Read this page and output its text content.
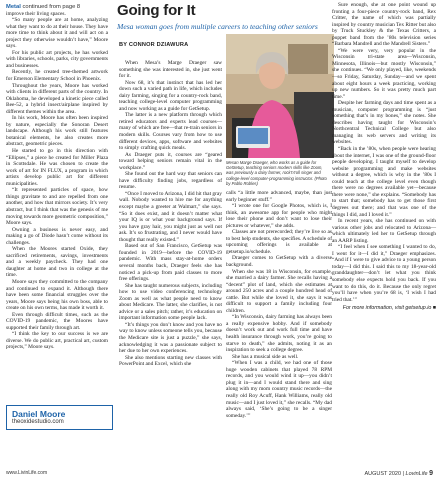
Metal continued from page 8

improve their living spaces.

“So many people are at home, analyzing what they want to do at their house. They have more time to think about it and will act on a project they otherwise wouldn’t have,” Moore says.

For his public art projects, he has worked with libraries, schools, parks, city governments and businesses.

Recently, he created tree-themed artwork for Emerson Elementary School in Phoenix.

Throughout the years, Moore has worked with clients in different parts of the country. In Oklahoma, he developed a kinetic piece called Bee-52, a hybrid insect/airplane inspired by different themes within the area.

In his work, Moore has often been inspired by nature, especially the Sonoran Desert landscape. Although his work still features botanical elements, he also creates more abstract, geometric pieces.

He started to go in this direction with “Ellipses,” a piece he created for Miller Plaza in Scottsdale. He was chosen to create the work of art for IN FLUX, a program in which artists develop public art for different municipalities.

“It represented particles of space, how things gravitate to and are repelled from one another, and how that mirrors society. It’s very abstract, but I think that was the genesis of me moving towards more geometric composition,” Moore says.

Owning a business is never easy, and making a go of Diode hasn’t come without its challenges.

When the Moores started Oxide, they sacrificed retirements, savings, investments and a weekly paycheck. They had one daughter at home and two in college at the time.

Moore says they committed to the company and continued to expand it. Although there have been some financial struggles over the years, Moore says being his own boss, able to create on his own terms, has made it worth it.

Even through difficult times, such as the COVID-19 pandemic, the Moores have supported their family through art.

“I think the key to our success is we are diverse. We do public art, practical art, custom projects,” Moore says.

Daniel Moore
theoxidestudio.com
Going for It
Mesa woman goes from multiple careers to teaching other seniors
BY CONNOR DZIAWURA

When Mesa’s Marge Draeger saw something she was interested in, she just went for it.

Now 68, it’s that instinct that has led her down such a varied path in life, which includes dairy farming, singing for a country-rock band, teaching college-level computer programming and now working as a guide for GetSetup.

The latter is a new platform through which retired educators and experts lead courses—many of which are free—that re-train seniors in modern skills. Courses vary from how to use different devices, apps, software and websites to simply crafting quick meals.

As Draeger puts it, courses are “geared toward helping seniors remain vital in the workplace.”

She found out the hard way that seniors can have difficulty finding jobs, regardless of resume.

“Once I moved to Arizona, I did hit that gray wall. Nobody wanted to hire me for anything except maybe a greeter at Walmart,” she says. “So it does exist, and it doesn’t matter what your IQ is or what your background says. If you have gray hair, you might just as well not ask. It’s so frustrating, and I never would have thought that really existed.”

Based out of San Francisco, GetSetup was founded in 2019—before the COVID-19 pandemic. With mass stay-at-home orders several months back, Draeger feels she has noticed a pick-up from paid classes to more free offerings.

She has taught numerous subjects, including how to use video conferencing technology Zoom as well as what people need to know about Medicare. The latter, she clarifies, is not advice or a sales pitch; rather, it’s education on important information some people lack.

“It’s things you don’t know and you have no way to know unless someone tells you, because the Medicare site is just a puzzle,” she says, acknowledging it was a passionate subject to her due to her own experiences.

She also mentions starting new classes with PowerPoint and Excel, which she

Mesan Marge Draeger, who works as a guide for GetSetup, teaching seniors modern skills like Zoom, was previously a dairy farmer, rock'n'roll singer and college-level computer-programming instructor. (Photo by Pablo Robles)

calls “a little more advanced, maybe, than just early beginner stuff.”

“I wrote one for Google Photos, which is, I think, an awesome app for people who might lose their phone and don’t want to lose their pictures or whatever,” she adds.

Classes are not prerecorded; they’re live so as to best help students, she specifies. A schedule of upcoming offerings is available at getsetup.io/schedule.

Draeger comes to GetSetup with a diverse background.

When she was 18 in Wisconsin, for example, she married a dairy farmer. She recalls having a “decent” plot of land, which she estimates at around 250 acres and a couple hundred head of cattle. But while she loved it, she says it was difficult to support a family including four children.

“In Wisconsin, dairy farming has always been a really expensive hobby. And if somebody doesn’t work out and work full time and have health insurance through work, you’re going to starve to death,” she admits, noting it as an inspiration to seek a college degree.

She has a musical side as well.

“When I was a child, we had one of those huge wooden cabinets that played 78 RPM records, and you would wind it up—you didn’t plug it in—and I would stand there and sing along with my mom country music records—the really old Roy Acuff, Hank Williams, really old music—and I just loved it,” she recalls. “My dad always said, ‘She’s going to be a singer someday.’”

Sure enough, she at one point wound up fronting a four-piece country-rock band, Rex Critter, the name of which was partially inspired by country musician Tex Ritter but also by Truck Stuckley & the Texas Critters, a puppet band from the ’80s television series “Barbara Mandrell and the Mandrell Sisters.”

“We were very, very popular in the Wisconsin tri-state area—Wisconsin, Minnesota, Illinois—but mostly Wisconsin,” she continues. “We only played, like, weekends—so Friday, Saturday, Sunday—and we spent about eight hours a week practicing, working up new numbers. So it was pretty much part time.”

Despite her farming days and time spent as a musician, computer programming is “just something that’s in my bones,” she notes. She describes having taught for Wisconsin’s Northcentral Technical College but also managing its web servers and writing its websites.

“Back in the ’80s, when people were hearing about the internet, I was one of the ground-floor people developing. I taught myself to develop website programming and make websites without a degree, which is why in the ’80s I could teach at the college level even though there were no degrees available yet—because there were none,” she explains. “Somebody has to start that; somebody has to get those first degrees out there; and that was one of the things I did, and I loved it.”

In recent years, she has continued on with various other jobs and relocated to Arizona—which ultimately led her to GetSetup through an AARP listing.

“I feel when I see something I wanted to do, I went for it—I did it,” Draeger emphasizes. “And if I were to give advice to a young person today—I did this. I said this to my 18-year-old granddaughter—don’t let what you think somebody else expects hold you back. If you want to do this, do it. Because the only regret you’ll have when you’re 68 is, ‘I wish I had tried that.’”

For more information, visit getsetup.io ■
www.LivinLife.com	AUGUST 2020 | LovinLife 9
